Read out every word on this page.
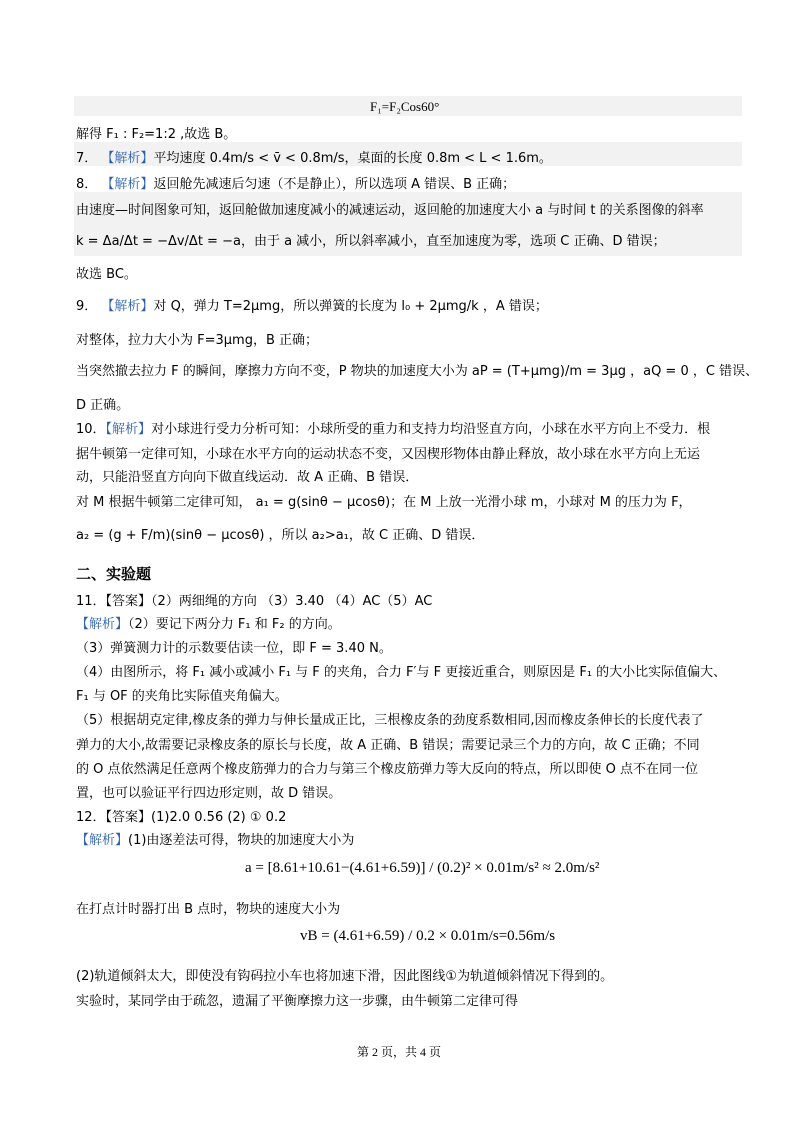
F₁=F₂Cos60°
解得 F₁ : F₂=1:2 ,故选 B。
7． 【解析】平均速度 0.4m/s < v̄ < 0.8m/s，桌面的长度 0.8m < L < 1.6m。
8． 【解析】返回舱先减速后匀速（不是静止），所以选项 A 错误、B 正确；
由速度—时间图象可知，返回舱做加速度减小的减速运动，返回舱的加速度大小 a 与时间 t 的关系图像的斜率
k = Δa/Δt = −Δv/Δt = −a，由于 a 减小，所以斜率减小，直至加速度为零，选项 C 正确、D 错误；
故选 BC。
9． 【解析】对 Q，弹力 T=2μmg，所以弹簧的长度为 l₀ + 2μmg/k ，A 错误；
对整体，拉力大小为 F=3μmg，B 正确；
当突然撤去拉力 F 的瞬间，摩擦力方向不变，P 物块的加速度大小为 aP = (T+μmg)/m = 3μg ，aQ = 0 ，C 错误、
D 正确。
10．【解析】对小球进行受力分析可知：小球所受的重力和支持力均沿竖直方向，小球在水平方向上不受力．根
据牛顿第一定律可知，小球在水平方向的运动状态不变，又因楔形物体由静止释放，故小球在水平方向上无运
动，只能沿竖直方向向下做直线运动．故 A 正确、B 错误．
对 M 根据牛顿第二定律可知， a₁ = g(sinθ − μcosθ)；在 M 上放一光滑小球 m，小球对 M 的压力为 F，
a₂ = (g + F/m)(sinθ − μcosθ) ，所以 a₂>a₁，故 C 正确、D 错误．
二、实验题
11．【答案】（2）两细绳的方向 （3）3.40 （4）AC（5）AC
【解析】（2）要记下两分力 F₁ 和 F₂ 的方向。
（3）弹簧测力计的示数要估读一位，即 F = 3.40 N。
（4）由图所示，将 F₁ 减小或减小 F₁ 与 F 的夹角，合力 F′与 F 更接近重合，则原因是 F₁ 的大小比实际值偏大、
F₁ 与 OF 的夹角比实际值夹角偏大。
（5）根据胡克定律,橡皮条的弹力与伸长量成正比，三根橡皮条的劲度系数相同,因而橡皮条伸长的长度代表了
弹力的大小,故需要记录橡皮条的原长与长度，故 A 正确、B 错误；需要记录三个力的方向，故 C 正确；不同
的 O 点依然满足任意两个橡皮筋弹力的合力与第三个橡皮筋弹力等大反向的特点，所以即使 O 点不在同一位
置，也可以验证平行四边形定则，故 D 错误。
12．【答案】(1)2.0 0.56 (2) ① 0.2
【解析】(1)由逐差法可得，物块的加速度大小为
a = [8.61+10.61−(4.61+6.59)] / (0.2)² × 0.01m/s² ≈ 2.0m/s²
在打点计时器打出 B 点时，物块的速度大小为
vB = (4.61+6.59) / 0.2 × 0.01m/s=0.56m/s
(2)轨道倾斜太大，即使没有钩码拉小车也将加速下滑，因此图线①为轨道倾斜情况下得到的。
实验时，某同学由于疏忽，遗漏了平衡摩擦力这一步骤，由牛顿第二定律可得
第 2 页，共 4 页
